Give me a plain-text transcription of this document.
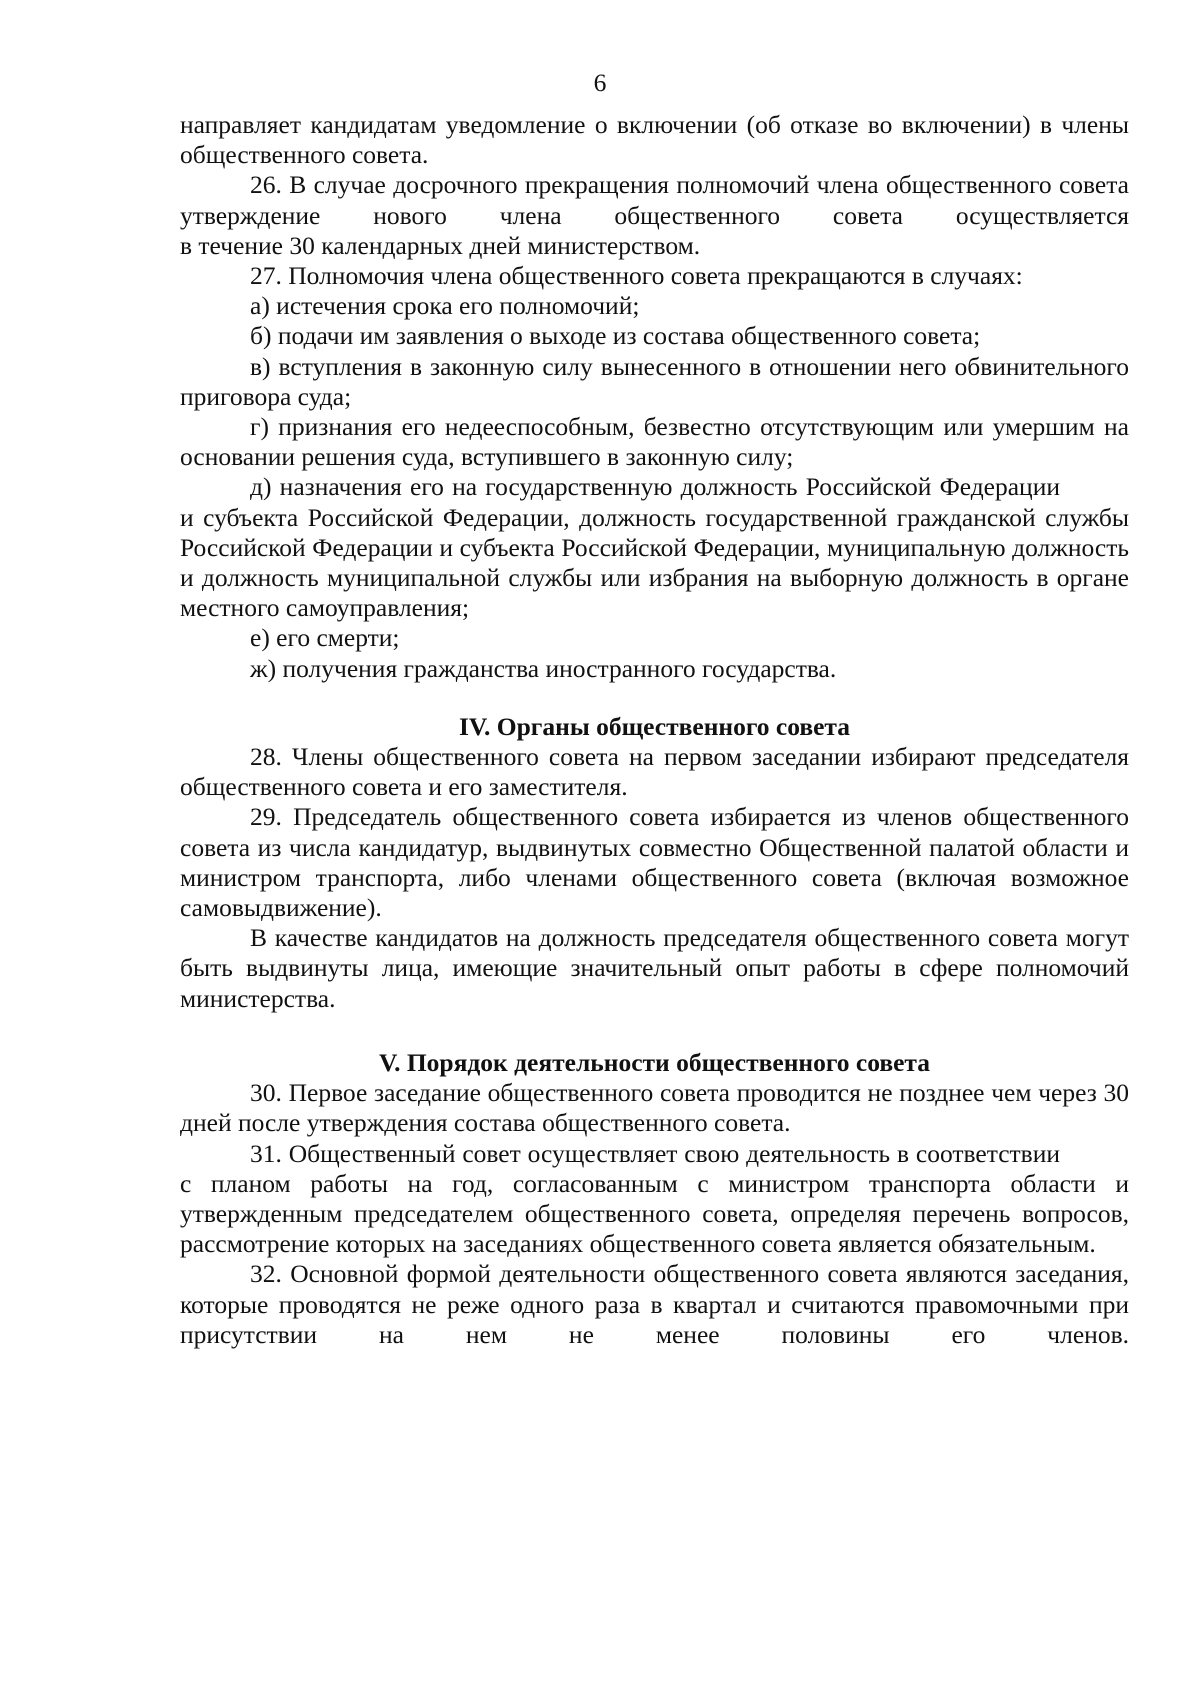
6

направляет кандидатам уведомление о включении (об отказе во включении) в члены общественного совета.

26. В случае досрочного прекращения полномочий члена общественного совета утверждение нового члена общественного совета осуществляется

в течение 30 календарных дней министерством.

27. Полномочия члена общественного совета прекращаются в случаях:

а) истечения срока его полномочий;

б) подачи им заявления о выходе из состава общественного совета;

в) вступления в законную силу вынесенного в отношении него обвинительного приговора суда;

г) признания его недееспособным, безвестно отсутствующим или умершим на основании решения суда, вступившего в законную силу;

д) назначения его на государственную должность Российской Федерации

и субъекта Российской Федерации, должность государственной гражданской службы Российской Федерации и субъекта Российской Федерации, муниципальную должность и должность муниципальной службы или избрания на выборную должность в органе местного самоуправления;

е) его смерти;

ж) получения гражданства иностранного государства.

IV. Органы общественного совета

28. Члены общественного совета на первом заседании избирают председателя общественного совета и его заместителя.

29. Председатель общественного совета избирается из членов общественного совета из числа кандидатур, выдвинутых совместно Общественной палатой области и министром транспорта, либо членами общественного совета (включая возможное самовыдвижение).

В качестве кандидатов на должность председателя общественного совета могут быть выдвинуты лица, имеющие значительный опыт работы в сфере полномочий министерства.

V. Порядок деятельности общественного совета

30. Первое заседание общественного совета проводится не позднее чем через 30 дней после утверждения состава общественного совета.

31. Общественный совет осуществляет свою деятельность в соответствии

с планом работы на год, согласованным с министром транспорта области и утвержденным председателем общественного совета, определяя перечень вопросов, рассмотрение которых на заседаниях общественного совета является обязательным.

32. Основной формой деятельности общественного совета являются заседания, которые проводятся не реже одного раза в квартал и считаются правомочными при присутствии на нем не менее половины его членов.
